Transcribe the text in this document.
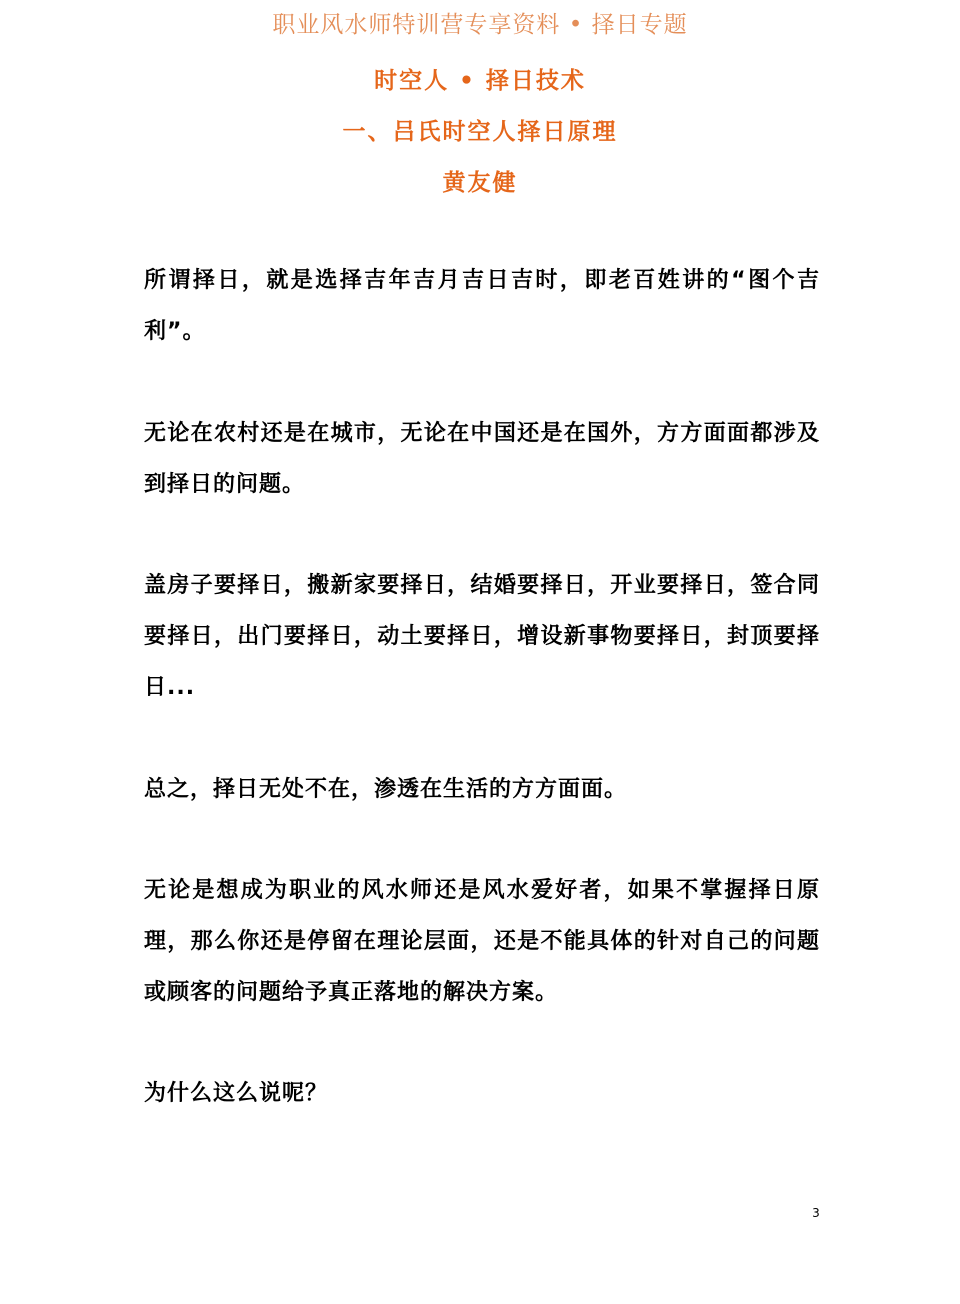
职业风水师特训营专享资料 • 择日专题
时空人 • 择日技术
一、吕氏时空人择日原理
黄友健
所谓择日，就是选择吉年吉月吉日吉时，即老百姓讲的“图个吉利”。
无论在农村还是在城市，无论在中国还是在国外，方方面面都涉及到择日的问题。
盖房子要择日，搬新家要择日，结婚要择日，开业要择日，签合同要择日，出门要择日，动土要择日，增设新事物要择日，封顶要择日...
总之，择日无处不在，渗透在生活的方方面面。
无论是想成为职业的风水师还是风水爱好者，如果不掌握择日原理，那么你还是停留在理论层面，还是不能具体的针对自己的问题或顾客的问题给予真正落地的解决方案。
为什么这么说呢？
3
